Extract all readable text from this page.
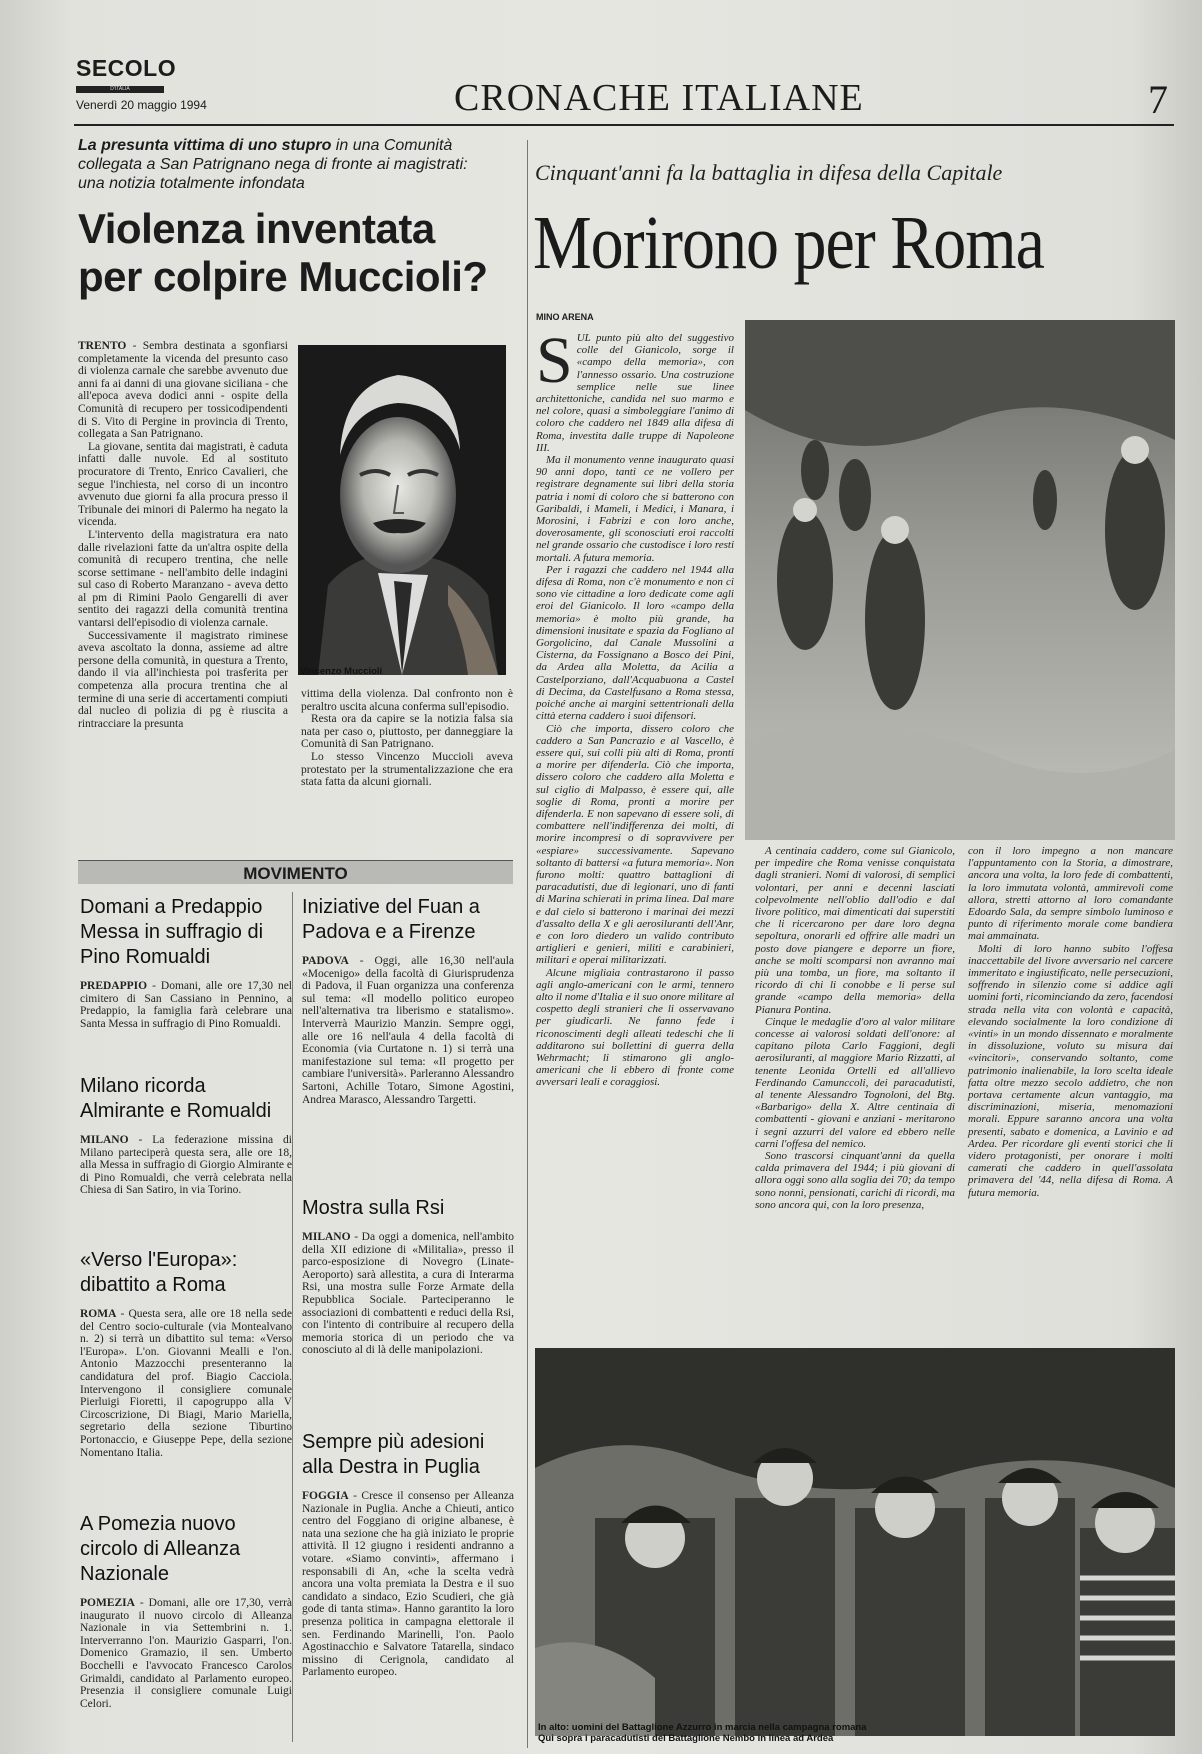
SECOLO
D'ITALIA
Venerdì 20 maggio 1994	CRONACHE ITALIANE	7
La presunta vittima di uno stupro in una Comunità collegata a San Patrignano nega di fronte ai magistrati: una notizia totalmente infondata
Violenza inventata per colpire Muccioli?

TRENTO - Sembra destinata a sgonfiarsi completamente la vicenda del presunto caso di violenza carnale che sarebbe avvenuto due anni fa ai danni di una giovane siciliana - che all'epoca aveva dodici anni - ospite della Comunità di recupero per tossicodipendenti di S. Vito di Pergine in provincia di Trento, collegata a San Patrignano.

La giovane, sentita dai magistrati, è caduta infatti dalle nuvole. Ed al sostituto procuratore di Trento, Enrico Cavalieri, che segue l'inchiesta, nel corso di un incontro avvenuto due giorni fa alla procura presso il Tribunale dei minori di Palermo ha negato la vicenda.

L'intervento della magistratura era nato dalle rivelazioni fatte da un'altra ospite della comunità di recupero trentina, che nelle scorse settimane - nell'ambito delle indagini sul caso di Roberto Maranzano - aveva detto al pm di Rimini Paolo Gengarelli di aver sentito dei ragazzi della comunità trentina vantarsi dell'episodio di violenza carnale.

Successivamente il magistrato riminese aveva ascoltato la donna, assieme ad altre persone della comunità, in questura a Trento, dando il via all'inchiesta poi trasferita per competenza alla procura trentina che al termine di una serie di accertamenti compiuti dal nucleo di polizia di pg è riuscita a rintracciare la presunta

Vincenzo Muccioli

vittima della violenza. Dal confronto non è peraltro uscita alcuna conferma sull'episodio.

Resta ora da capire se la notizia falsa sia nata per caso o, piuttosto, per danneggiare la Comunità di San Patrignano.

Lo stesso Vincenzo Muccioli aveva protestato per la strumentalizzazione che era stata fatta da alcuni giornali.

MOVIMENTO
Domani a Predappio Messa in suffragio di Pino Romualdi

PREDAPPIO - Domani, alle ore 17,30 nel cimitero di San Cassiano in Pennino, a Predappio, la famiglia farà celebrare una Santa Messa in suffragio di Pino Romualdi.

Milano ricorda Almirante e Romualdi

MILANO - La federazione missina di Milano parteciperà questa sera, alle ore 18, alla Messa in suffragio di Giorgio Almirante e di Pino Romualdi, che verrà celebrata nella Chiesa di San Satiro, in via Torino.

«Verso l'Europa»: dibattito a Roma

ROMA - Questa sera, alle ore 18 nella sede del Centro socio-culturale (via Montealvano n. 2) si terrà un dibattito sul tema: «Verso l'Europa». L'on. Giovanni Mealli e l'on. Antonio Mazzocchi presenteranno la candidatura del prof. Biagio Cacciola. Intervengono il consigliere comunale Pierluigi Fioretti, il capogruppo alla V Circoscrizione, Di Biagi, Mario Mariella, segretario della sezione Tiburtino Portonaccio, e Giuseppe Pepe, della sezione Nomentano Italia.

A Pomezia nuovo circolo di Alleanza Nazionale

POMEZIA - Domani, alle ore 17,30, verrà inaugurato il nuovo circolo di Alleanza Nazionale in via Settembrini n. 1. Interverranno l'on. Maurizio Gasparri, l'on. Domenico Gramazio, il sen. Umberto Bocchelli e l'avvocato Francesco Carolos Grimaldi, candidato al Parlamento europeo. Presenzia il consigliere comunale Luigi Celori.

Iniziative del Fuan a Padova e a Firenze

PADOVA - Oggi, alle 16,30 nell'aula «Mocenigo» della facoltà di Giurisprudenza di Padova, il Fuan organizza una conferenza sul tema: «Il modello politico europeo nell'alternativa tra liberismo e statalismo». Interverrà Maurizio Manzin. Sempre oggi, alle ore 16 nell'aula 4 della facoltà di Economia (via Curtatone n. 1) si terrà una manifestazione sul tema: «Il progetto per cambiare l'università». Parleranno Alessandro Sartoni, Achille Totaro, Simone Agostini, Andrea Marasco, Alessandro Targetti.

Mostra sulla Rsi

MILANO - Da oggi a domenica, nell'ambito della XII edizione di «Militalia», presso il parco-esposizione di Novegro (Linate-Aeroporto) sarà allestita, a cura di Interarma Rsi, una mostra sulle Forze Armate della Repubblica Sociale. Parteciperanno le associazioni di combattenti e reduci della Rsi, con l'intento di contribuire al recupero della memoria storica di un periodo che va conosciuto al di là delle manipolazioni.

Sempre più adesioni alla Destra in Puglia

FOGGIA - Cresce il consenso per Alleanza Nazionale in Puglia. Anche a Chieuti, antico centro del Foggiano di origine albanese, è nata una sezione che ha già iniziato le proprie attività. Il 12 giugno i residenti andranno a votare. «Siamo convinti», affermano i responsabili di An, «che la scelta vedrà ancora una volta premiata la Destra e il suo candidato a sindaco, Ezio Scudieri, che già gode di tanta stima». Hanno garantito la loro presenza politica in campagna elettorale il sen. Ferdinando Marinelli, l'on. Paolo Agostinacchio e Salvatore Tatarella, sindaco missino di Cerignola, candidato al Parlamento europeo.

Cinquant'anni fa la battaglia in difesa della Capitale
Morirono per Roma
MINO ARENA

SUL punto più alto del suggestivo colle del Gianicolo, sorge il «campo della memoria», con l'annesso ossario. Una costruzione semplice nelle sue linee architettoniche, candida nel suo marmo e nel colore, quasi a simboleggiare l'animo di coloro che caddero nel 1849 alla difesa di Roma, investita dalle truppe di Napoleone III.

Ma il monumento venne inaugurato quasi 90 anni dopo, tanti ce ne vollero per registrare degnamente sui libri della storia patria i nomi di coloro che si batterono con Garibaldi, i Mameli, i Medici, i Manara, i Morosini, i Fabrizi e con loro anche, doverosamente, gli sconosciuti eroi raccolti nel grande ossario che custodisce i loro resti mortali. A futura memoria.

Per i ragazzi che caddero nel 1944 alla difesa di Roma, non c'è monumento e non ci sono vie cittadine a loro dedicate come agli eroi del Gianicolo. Il loro «campo della memoria» è molto più grande, ha dimensioni inusitate e spazia da Fogliano al Gorgolicino, dal Canale Mussolini a Cisterna, da Fossignano a Bosco dei Pini, da Ardea alla Moletta, da Acilia a Castelporziano, dall'Acquabuona a Castel di Decima, da Castelfusano a Roma stessa, poiché anche ai margini settentrionali della città eterna caddero i suoi difensori.

Ciò che importa, dissero coloro che caddero a San Pancrazio e al Vascello, è essere qui, sui colli più alti di Roma, pronti a morire per difenderla. Ciò che importa, dissero coloro che caddero alla Moletta e sul ciglio di Malpasso, è essere qui, alle soglie di Roma, pronti a morire per difenderla. E non sapevano di essere soli, di combattere nell'indifferenza dei molti, di morire incompresi o di sopravvivere per «espiare» successivamente. Sapevano soltanto di battersi «a futura memoria». Non furono molti: quattro battaglioni di paracadutisti, due di legionari, uno di fanti di Marina schierati in prima linea. Dal mare e dal cielo si batterono i marinai dei mezzi d'assalto della X e gli aerosiluranti dell'Anr, e con loro diedero un valido contributo artiglieri e genieri, militi e carabinieri, militari e operai militarizzati.

Alcune migliaia contrastarono il passo agli anglo-americani con le armi, tennero alto il nome d'Italia e il suo onore militare al cospetto degli stranieri che li osservavano per giudicarli. Ne fanno fede i riconoscimenti degli alleati tedeschi che li additarono sui bollettini di guerra della Wehrmacht; li stimarono gli anglo-americani che li ebbero di fronte come avversari leali e coraggiosi.

A centinaia caddero, come sul Gianicolo, per impedire che Roma venisse conquistata dagli stranieri. Nomi di valorosi, di semplici volontari, per anni e decenni lasciati colpevolmente nell'oblio dall'odio e dal livore politico, mai dimenticati dai superstiti che li ricercarono per dare loro degna sepoltura, onorarli ed offrire alle madri un posto dove piangere e deporre un fiore, anche se molti scomparsi non avranno mai più una tomba, un fiore, ma soltanto il ricordo di chi li conobbe e li perse sul grande «campo della memoria» della Pianura Pontina.

Cinque le medaglie d'oro al valor militare concesse ai valorosi soldati dell'onore: al capitano pilota Carlo Faggioni, degli aerosiluranti, al maggiore Mario Rizzatti, al tenente Leonida Ortelli ed all'allievo Ferdinando Camunccoli, dei paracadutisti, al tenente Alessandro Tognoloni, del Btg. «Barbarigo» della X. Altre centinaia di combattenti - giovani e anziani - meritarono i segni azzurri del valore ed ebbero nelle carni l'offesa del nemico.

Sono trascorsi cinquant'anni da quella calda primavera del 1944; i più giovani di allora oggi sono alla soglia dei 70; da tempo sono nonni, pensionati, carichi di ricordi, ma sono ancora qui, con la loro presenza,

con il loro impegno a non mancare l'appuntamento con la Storia, a dimostrare, ancora una volta, la loro fede di combattenti, la loro immutata volontà, ammirevoli come allora, stretti attorno al loro comandante Edoardo Sala, da sempre simbolo luminoso e punto di riferimento morale come bandiera mai ammainata.

Molti di loro hanno subito l'offesa inaccettabile del livore avversario nel carcere immeritato e ingiustificato, nelle persecuzioni, soffrendo in silenzio come si addice agli uomini forti, ricominciando da zero, facendosi strada nella vita con volontà e capacità, elevando socialmente la loro condizione di «vinti» in un mondo dissennato e moralmente in dissoluzione, voluto su misura dai «vincitori», conservando soltanto, come patrimonio inalienabile, la loro scelta ideale fatta oltre mezzo secolo addietro, che non portava certamente alcun vantaggio, ma discriminazioni, miseria, menomazioni morali. Eppure saranno ancora una volta presenti, sabato e domenica, a Lavinio e ad Ardea. Per ricordare gli eventi storici che li videro protagonisti, per onorare i molti camerati che caddero in quell'assolata primavera del '44, nella difesa di Roma. A futura memoria.

In alto: uomini del Battaglione Azzurro in marcia nella campagna romana
Qui sopra i paracadutisti del Battaglione Nembo in linea ad Ardea
